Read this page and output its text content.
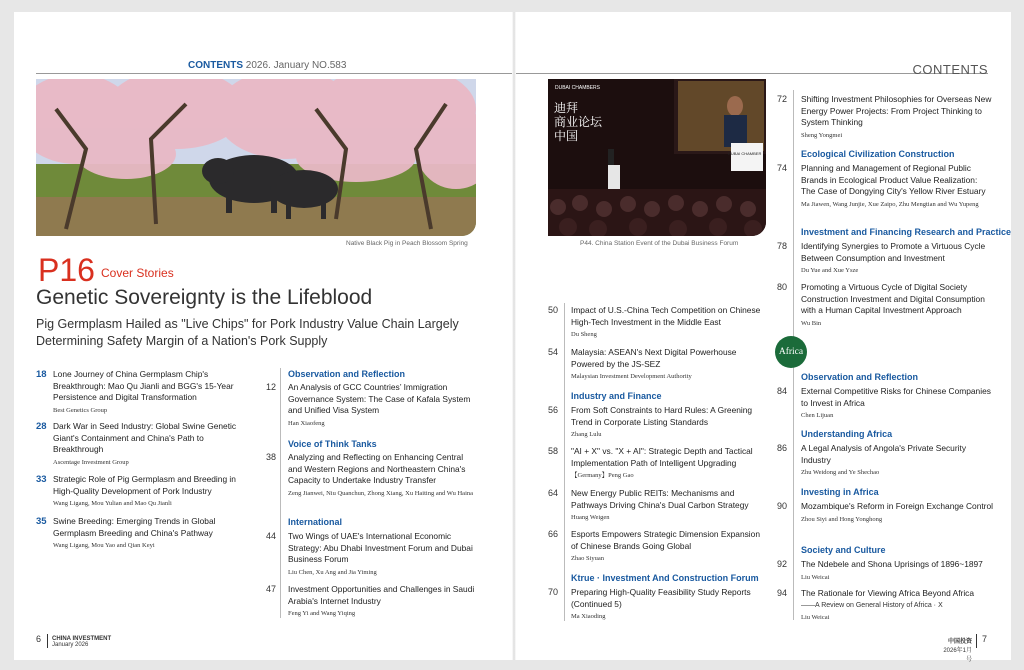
CONTENTS 2026. January NO.583	CONTENTS
Native Black Pig in Peach Blossom Spring
DUBAI CHAMBERS
迪拜
商业论坛
中国
DUBAI CHAMBER
P44. China Station Event of the Dubai Business Forum
P16 Cover Stories
Genetic Sovereignty is the Lifeblood
Pig Germplasm Hailed as "Live Chips" for Pork Industry Value Chain Largely Determining Safety Margin of a Nation's Pork Supply
18 Lone Journey of China Germplasm Chip's Breakthrough: Mao Qu Jianli and BGG's 15-Year Persistence and Digital Transformation
Best Genetics Group
28 Dark War in Seed Industry: Global Swine Genetic Giant's Containment and China's Path to Breakthrough
Ascentage Investment Group
33 Strategic Role of Pig Germplasm and Breeding in High-Quality Development of Pork Industry
Wang Ligang, Mou Yulian and Mao Qu Jianli
35 Swine Breeding: Emerging Trends in Global Germplasm Breeding and China's Pathway
Wang Ligang, Mou Yao and Qian Keyi
Observation and Reflection
12 An Analysis of GCC Countries’ Immigration Governance System: The Case of Kafala System and Unified Visa System
Han Xiaofeng
Voice of Think Tanks
38 Analyzing and Reflecting on Enhancing Central and Western Regions and Northeastern China's Capacity to Undertake Industry Transfer
Zeng Jianwei, Niu Quanchun, Zhong Xiang, Xu Haiting and Wu Haina
International
44 Two Wings of UAE's International Economic Strategy: Abu Dhabi Investment Forum and Dubai Business Forum
Liu Chen, Xu Ang and Jia Yiming
47 Investment Opportunities and Challenges in Saudi Arabia's Internet Industry
Feng Yi and Wang Yiqing
50 Impact of U.S.-China Tech Competition on Chinese High-Tech Investment in the Middle East
Du Sheng
54 Malaysia: ASEAN's Next Digital Powerhouse Powered by the JS-SEZ
Malaysian Investment Development Authority
Industry and Finance
56 From Soft Constraints to Hard Rules: A Greening Trend in Corporate Listing Standards
Zhang Lulu
58 "AI + X" vs. "X + AI": Strategic Depth and Tactical Implementation Path of Intelligent Upgrading
【Germany】Peng Gao
64 New Energy Public REITs: Mechanisms and Pathways Driving China's Dual Carbon Strategy
Huang Weigen
66 Esports Empowers Strategic Dimension Expansion of Chinese Brands Going Global
Zhao Siyuan
Ktrue · Investment And Construction Forum
70 Preparing High-Quality Feasibility Study Reports (Continued 5)
Ma Xiaoding
72 Shifting Investment Philosophies for Overseas New Energy Power Projects: From Project Thinking to System Thinking
Sheng Yongmei
Ecological Civilization Construction
74 Planning and Management of Regional Public Brands in Ecological Product Value Realization: The Case of Dongying City's Yellow River Estuary
Ma Jiawen, Wang Junjie, Xue Zaipo, Zhu Mengtian and Wu Yupeng
Investment and Financing Research and Practice
78 Identifying Synergies to Promote a Virtuous Cycle Between Consumption and Investment
Du Yue and Xue Ysze
80 Promoting a Virtuous Cycle of Digital Society Construction Investment and Digital Consumption with a Human Capital Investment Approach
Wu Bin
Africa
Observation and Reflection
84 External Competitive Risks for Chinese Companies to Invest in Africa
Chen Lijuan
Understanding Africa
86 A Legal Analysis of Angola's Private Security Industry
Zhu Weidong and Ye Shechao
Investing in Africa
90 Mozambique's Reform in Foreign Exchange Control
Zhou Siyi and Hong Yonghong
Society and Culture
92 The Ndebele and Shona Uprisings of 1896~1897
Liu Weicai
94 The Rationale for Viewing Africa Beyond Africa
——A Review on General History of Africa · Ⅹ
Liu Weicai
6 CHINA INVESTMENT
January 2026	中国投资
2026年1月号
7
